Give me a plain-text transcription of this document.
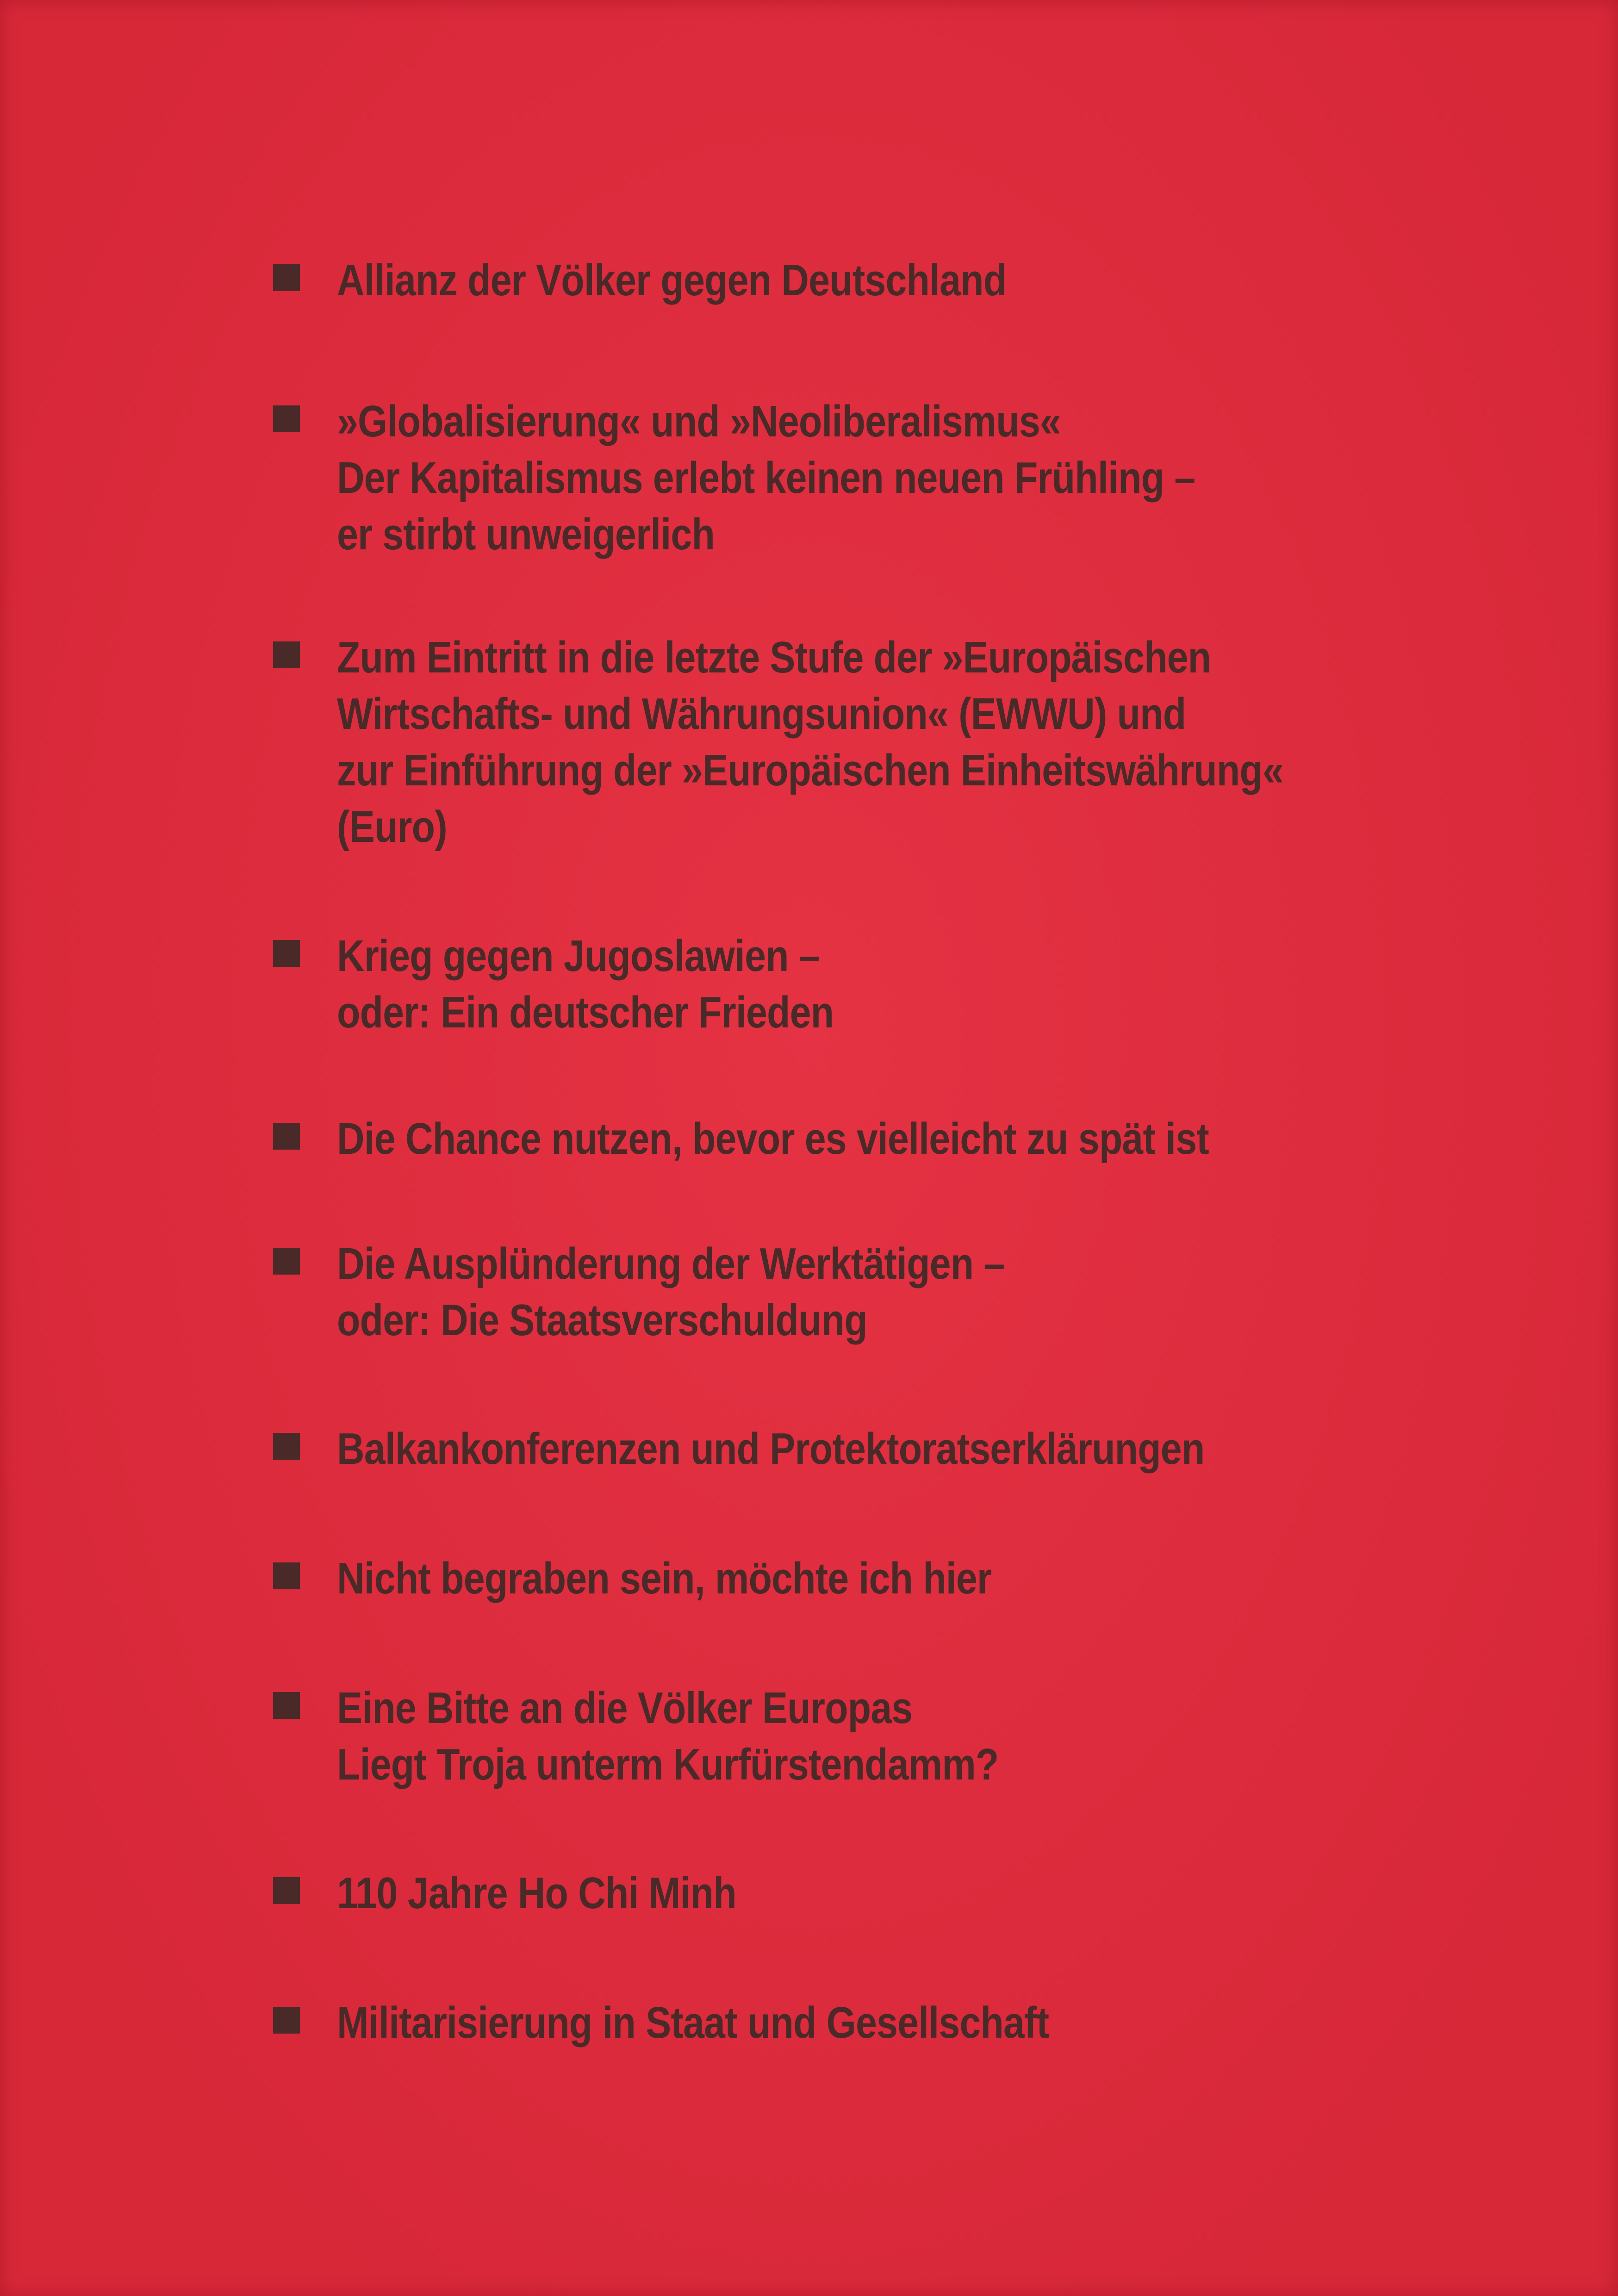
Allianz der Völker gegen Deutschland
»Globalisierung« und »Neoliberalismus«
Der Kapitalismus erlebt keinen neuen Frühling –
er stirbt unweigerlich
Zum Eintritt in die letzte Stufe der »Europäischen
Wirtschafts- und Währungsunion« (EWWU) und
zur Einführung der »Europäischen Einheitswährung«
(Euro)
Krieg gegen Jugoslawien –
oder: Ein deutscher Frieden
Die Chance nutzen, bevor es vielleicht zu spät ist
Die Ausplünderung der Werktätigen –
oder: Die Staatsverschuldung
Balkankonferenzen und Protektoratserklärungen
Nicht begraben sein, möchte ich hier
Eine Bitte an die Völker Europas
Liegt Troja unterm Kurfürstendamm?
110 Jahre Ho Chi Minh
Militarisierung in Staat und Gesellschaft
